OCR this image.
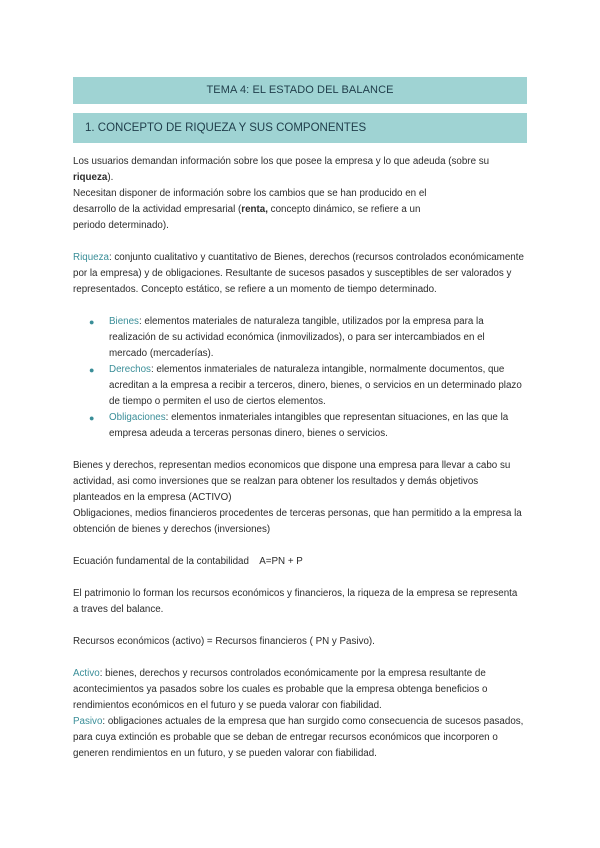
TEMA 4: EL ESTADO DEL BALANCE
1. CONCEPTO DE RIQUEZA Y SUS COMPONENTES

Los usuarios demandan información sobre los que posee la empresa y lo que adeuda (sobre su riqueza).

Necesitan disponer de información sobre los cambios que se han producido en el desarrollo de la actividad empresarial (renta, concepto dinámico, se refiere a un periodo determinado).

Riqueza: conjunto cualitativo y cuantitativo de Bienes, derechos (recursos controlados económicamente por la empresa) y de obligaciones. Resultante de sucesos pasados y susceptibles de ser valorados y representados. Concepto estático, se refiere a un momento de tiempo determinado.

● Bienes: elementos materiales de naturaleza tangible, utilizados por la empresa para la realización de su actividad económica (inmovilizados), o para ser intercambiados en el mercado (mercaderías).
● Derechos: elementos inmateriales de naturaleza intangible, normalmente documentos, que acreditan a la empresa a recibir a terceros, dinero, bienes, o servicios en un determinado plazo de tiempo o permiten el uso de ciertos elementos.
● Obligaciones: elementos inmateriales intangibles que representan situaciones, en las que la empresa adeuda a terceras personas dinero, bienes o servicios.

Bienes y derechos, representan medios economicos que dispone una empresa para llevar a cabo su actividad, asi como inversiones que se realzan para obtener los resultados y demás objetivos planteados en la empresa (ACTIVO)

Obligaciones, medios financieros procedentes de terceras personas, que han permitido a la empresa la obtención de bienes y derechos (inversiones)

Ecuación fundamental de la contabilidad    A=PN + P

El patrimonio lo forman los recursos económicos y financieros, la riqueza de la empresa se representa a traves del balance.

Recursos económicos (activo) = Recursos financieros ( PN y Pasivo).

Activo: bienes, derechos y recursos controlados económicamente por la empresa resultante de acontecimientos ya pasados sobre los cuales es probable que la empresa obtenga beneficios o rendimientos económicos en el futuro y se pueda valorar con fiabilidad.

Pasivo: obligaciones actuales de la empresa que han surgido como consecuencia de sucesos pasados, para cuya extinción es probable que se deban de entregar recursos económicos que incorporen o generen rendimientos en un futuro, y se pueden valorar con fiabilidad.
